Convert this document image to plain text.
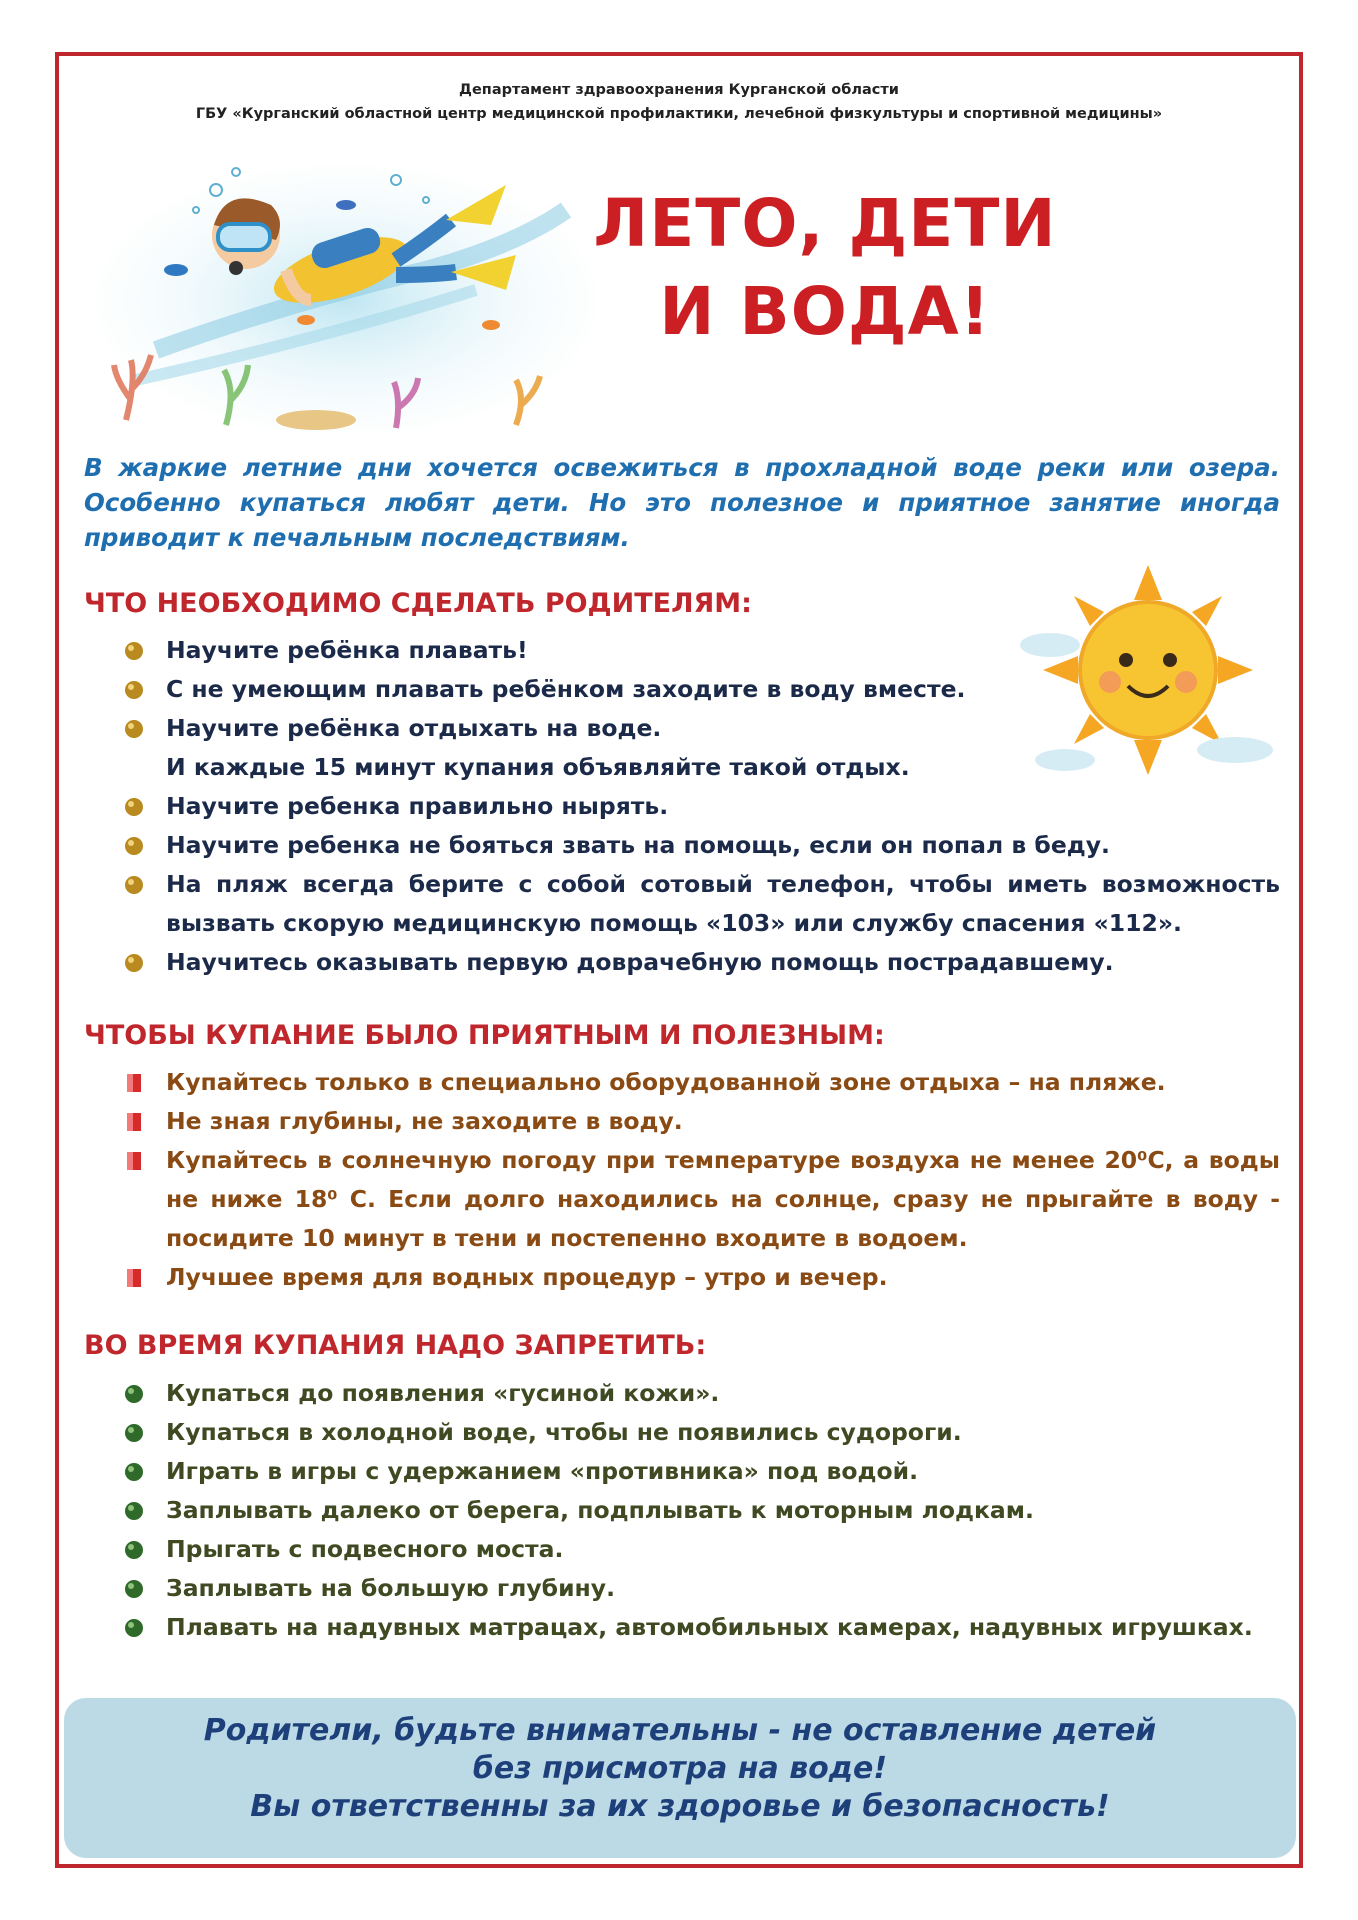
Департамент здравоохранения Курганской области
ГБУ «Курганский областной центр медицинской профилактики, лечебной физкультуры и спортивной медицины»
ЛЕТО, ДЕТИ
И ВОДА!
В жаркие летние дни хочется освежиться в прохладной воде реки или озера. Особенно купаться любят дети. Но это полезное и приятное занятие иногда приводит к печальным последствиям.
ЧТО НЕОБХОДИМО СДЕЛАТЬ РОДИТЕЛЯМ:
Научите ребёнка плавать!
С не умеющим плавать ребёнком заходите в воду вместе.
Научите ребёнка отдыхать на воде.
И каждые 15 минут купания объявляйте такой отдых.
Научите ребенка правильно нырять.
Научите ребенка не бояться звать на помощь, если он попал в беду.
На пляж всегда берите с собой сотовый телефон, чтобы иметь возможность вызвать скорую медицинскую помощь «103» или службу спасения «112».
Научитесь оказывать первую доврачебную помощь пострадавшему.
ЧТОБЫ КУПАНИЕ БЫЛО ПРИЯТНЫМ И ПОЛЕЗНЫМ:
Купайтесь только в специально оборудованной зоне отдыха – на пляже.
Не зная глубины, не заходите в воду.
Купайтесь в солнечную погоду при температуре воздуха не менее 20⁰С, а воды не ниже 18⁰ С. Если долго находились на солнце, сразу не прыгайте в воду - посидите 10 минут в тени и постепенно входите в водоем.
Лучшее время для водных процедур – утро и вечер.
ВО ВРЕМЯ КУПАНИЯ НАДО ЗАПРЕТИТЬ:
Купаться до появления «гусиной кожи».
Купаться в холодной воде, чтобы не появились судороги.
Играть в игры с удержанием «противника» под водой.
Заплывать далеко от берега, подплывать к моторным лодкам.
Прыгать с подвесного моста.
Заплывать на большую глубину.
Плавать на надувных матрацах, автомобильных камерах, надувных игрушках.
Родители, будьте внимательны - не оставление детей
без присмотра на воде!
Вы ответственны за их здоровье и безопасность!
